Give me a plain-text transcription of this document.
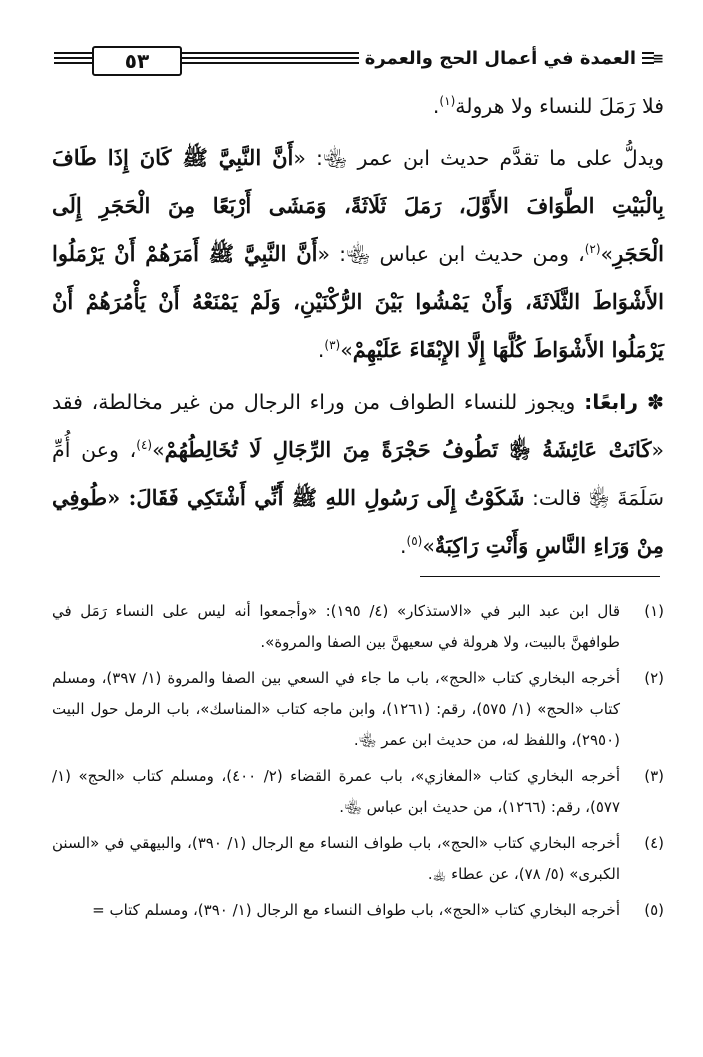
٥٣	العمدة في أعمال الحج والعمرة	≡

فلا رَمَلَ للنساء ولا هرولة$^{(١)}$.

ويدلُّ على ما تقدَّم حديث ابن عمر ﵄: «أَنَّ النَّبِيَّ ﷺ كَانَ إِذَا طَافَ بِالْبَيْتِ الطَّوَافَ الأَوَّلَ، رَمَلَ ثَلَاثَةً، وَمَشَى أَرْبَعًا مِنَ الْحَجَرِ إِلَى الْحَجَرِ»$^{(٢)}$، ومن حديث ابن عباس ﵄: «أَنَّ النَّبِيَّ ﷺ أَمَرَهُمْ أَنْ يَرْمَلُوا الأَشْوَاطَ الثَّلَاثَةَ، وَأَنْ يَمْشُوا بَيْنَ الرُّكْنَيْنِ، وَلَمْ يَمْنَعْهُ أَنْ يَأْمُرَهُمْ أَنْ يَرْمَلُوا الأَشْوَاطَ كُلَّهَا إِلَّا الإِبْقَاءَ عَلَيْهِمْ»$^{(٣)}$.

✽ رابعًا: ويجوز للنساء الطواف من وراء الرجال من غير مخالطة، فقد «كَانَتْ عَائِشَةُ ﵂ تَطُوفُ حَجْرَةً مِنَ الرِّجَالِ لَا تُخَالِطُهُمْ»$^{(٤)}$، وعن أُمِّ سَلَمَةَ ﵂ قالت: شَكَوْتُ إِلَى رَسُولِ اللهِ ﷺ أَنِّي أَشْتَكِي فَقَالَ: «طُوفِي مِنْ وَرَاءِ النَّاسِ وَأَنْتِ رَاكِبَةٌ»$^{(٥)}$.

(١)
قال ابن عبد البر في «الاستذكار» (٤/ ١٩٥): «وأجمعوا أنه ليس على النساء رَمَل في طوافهنَّ بالبيت، ولا هرولة في سعيهنَّ بين الصفا والمروة».
(٢)
أخرجه البخاري كتاب «الحج»، باب ما جاء في السعي بين الصفا والمروة (١/ ٣٩٧)، ومسلم كتاب «الحج» (١/ ٥٧٥)، رقم: (١٢٦١)، وابن ماجه كتاب «المناسك»، باب الرمل حول البيت (٢٩٥٠)، واللفظ له، من حديث ابن عمر ﵄.
(٣)
أخرجه البخاري كتاب «المغازي»، باب عمرة القضاء (٢/ ٤٠٠)، ومسلم كتاب «الحج» (١/ ٥٧٧)، رقم: (١٢٦٦)، من حديث ابن عباس ﵄.
(٤)
أخرجه البخاري كتاب «الحج»، باب طواف النساء مع الرجال (١/ ٣٩٠)، والبيهقي في «السنن الكبرى» (٥/ ٧٨)، عن عطاء ﵀.
(٥)
أخرجه البخاري كتاب «الحج»، باب طواف النساء مع الرجال (١/ ٣٩٠)، ومسلم كتاب =
